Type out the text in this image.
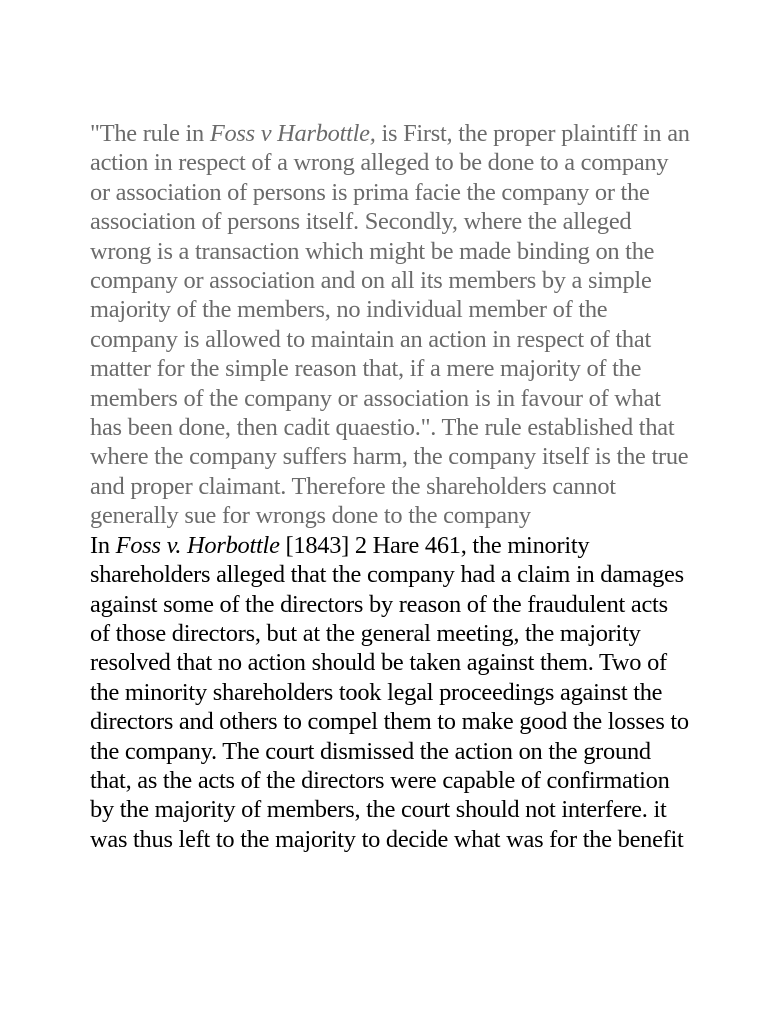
"The rule in Foss v Harbottle, is First, the proper plaintiff in an action in respect of a wrong alleged to be done to a company or association of persons is prima facie the company or the association of persons itself. Secondly, where the alleged wrong is a transaction which might be made binding on the company or association and on all its members by a simple majority of the members, no individual member of the company is allowed to maintain an action in respect of that matter for the simple reason that, if a mere majority of the members of the company or association is in favour of what has been done, then cadit quaestio.". The rule established that where the company suffers harm, the company itself is the true and proper claimant. Therefore the shareholders cannot generally sue for wrongs done to the company

In Foss v. Horbottle [1843] 2 Hare 461, the minority shareholders alleged that the company had a claim in damages against some of the directors by reason of the fraudulent acts of those directors, but at the general meeting, the majority resolved that no action should be taken against them. Two of the minority shareholders took legal proceedings against the directors and others to compel them to make good the losses to the company. The court dismissed the action on the ground that, as the acts of the directors were capable of confirmation by the majority of members, the court should not interfere. it was thus left to the majority to decide what was for the benefit
